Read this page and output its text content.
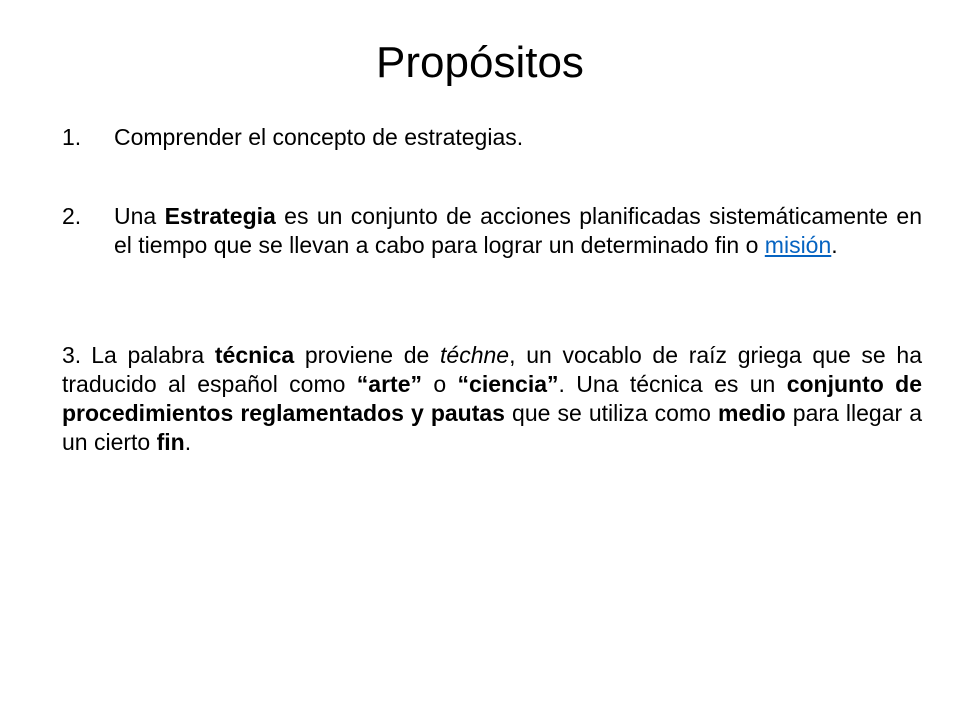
Propósitos
1. Comprender el concepto de estrategias.
2. Una Estrategia es un conjunto de acciones planificadas sistemáticamente en el tiempo que se llevan a cabo para lograr un determinado fin o misión.
3. La palabra técnica proviene de téchne, un vocablo de raíz griega que se ha traducido al español como “arte” o “ciencia”. Una técnica es un conjunto de procedimientos reglamentados y pautas que se utiliza como medio para llegar a un cierto fin.
